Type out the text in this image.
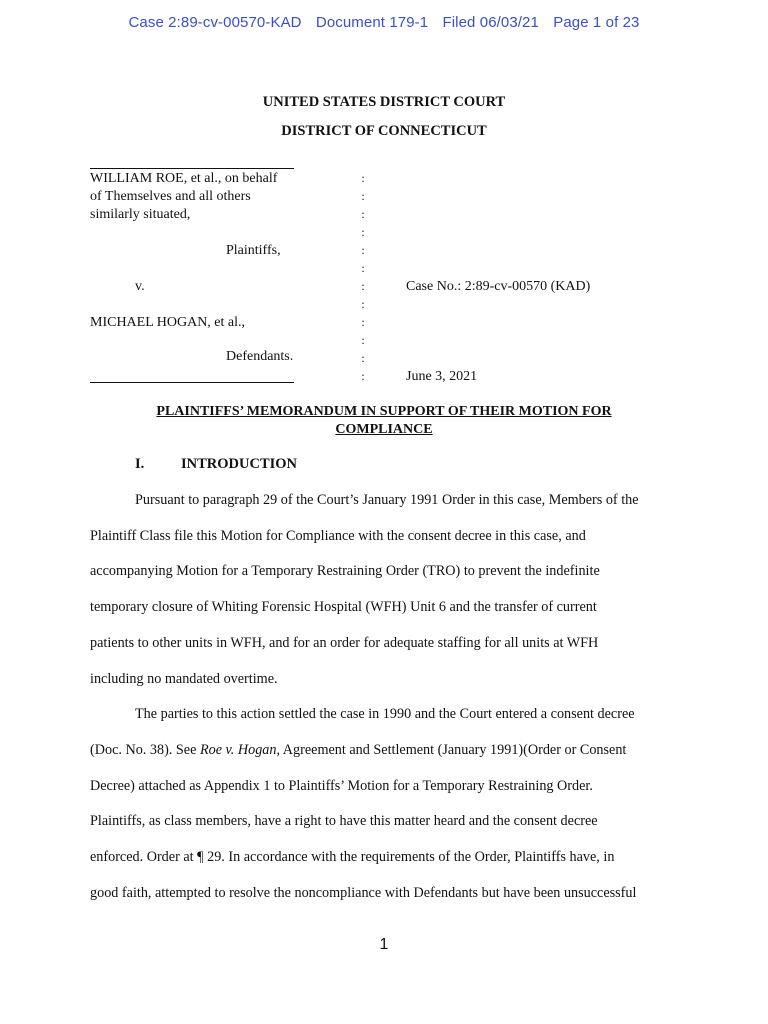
Case 2:89-cv-00570-KAD Document 179-1 Filed 06/03/21 Page 1 of 23
UNITED STATES DISTRICT COURT
DISTRICT OF CONNECTICUT
WILLIAM ROE, et al., on behalf
of Themselves and all others
similarly situated,
Plaintiffs,
v.
MICHAEL HOGAN, et al.,
Defendants.
:
:
:
:
:
:
:
:
:
:
:
:
Case No.: 2:89-cv-00570 (KAD)
June 3, 2021
PLAINTIFFS’ MEMORANDUM IN SUPPORT OF THEIR MOTION FOR
COMPLIANCE
I.	INTRODUCTION
Pursuant to paragraph 29 of the Court’s January 1991 Order in this case, Members of the
Plaintiff Class file this Motion for Compliance with the consent decree in this case, and
accompanying Motion for a Temporary Restraining Order (TRO) to prevent the indefinite
temporary closure of Whiting Forensic Hospital (WFH) Unit 6 and the transfer of current
patients to other units in WFH, and for an order for adequate staffing for all units at WFH
including no mandated overtime.
The parties to this action settled the case in 1990 and the Court entered a consent decree
(Doc. No. 38). See Roe v. Hogan, Agreement and Settlement (January 1991)(Order or Consent
Decree) attached as Appendix 1 to Plaintiffs’ Motion for a Temporary Restraining Order.
Plaintiffs, as class members, have a right to have this matter heard and the consent decree
enforced. Order at ¶ 29. In accordance with the requirements of the Order, Plaintiffs have, in
good faith, attempted to resolve the noncompliance with Defendants but have been unsuccessful
1
